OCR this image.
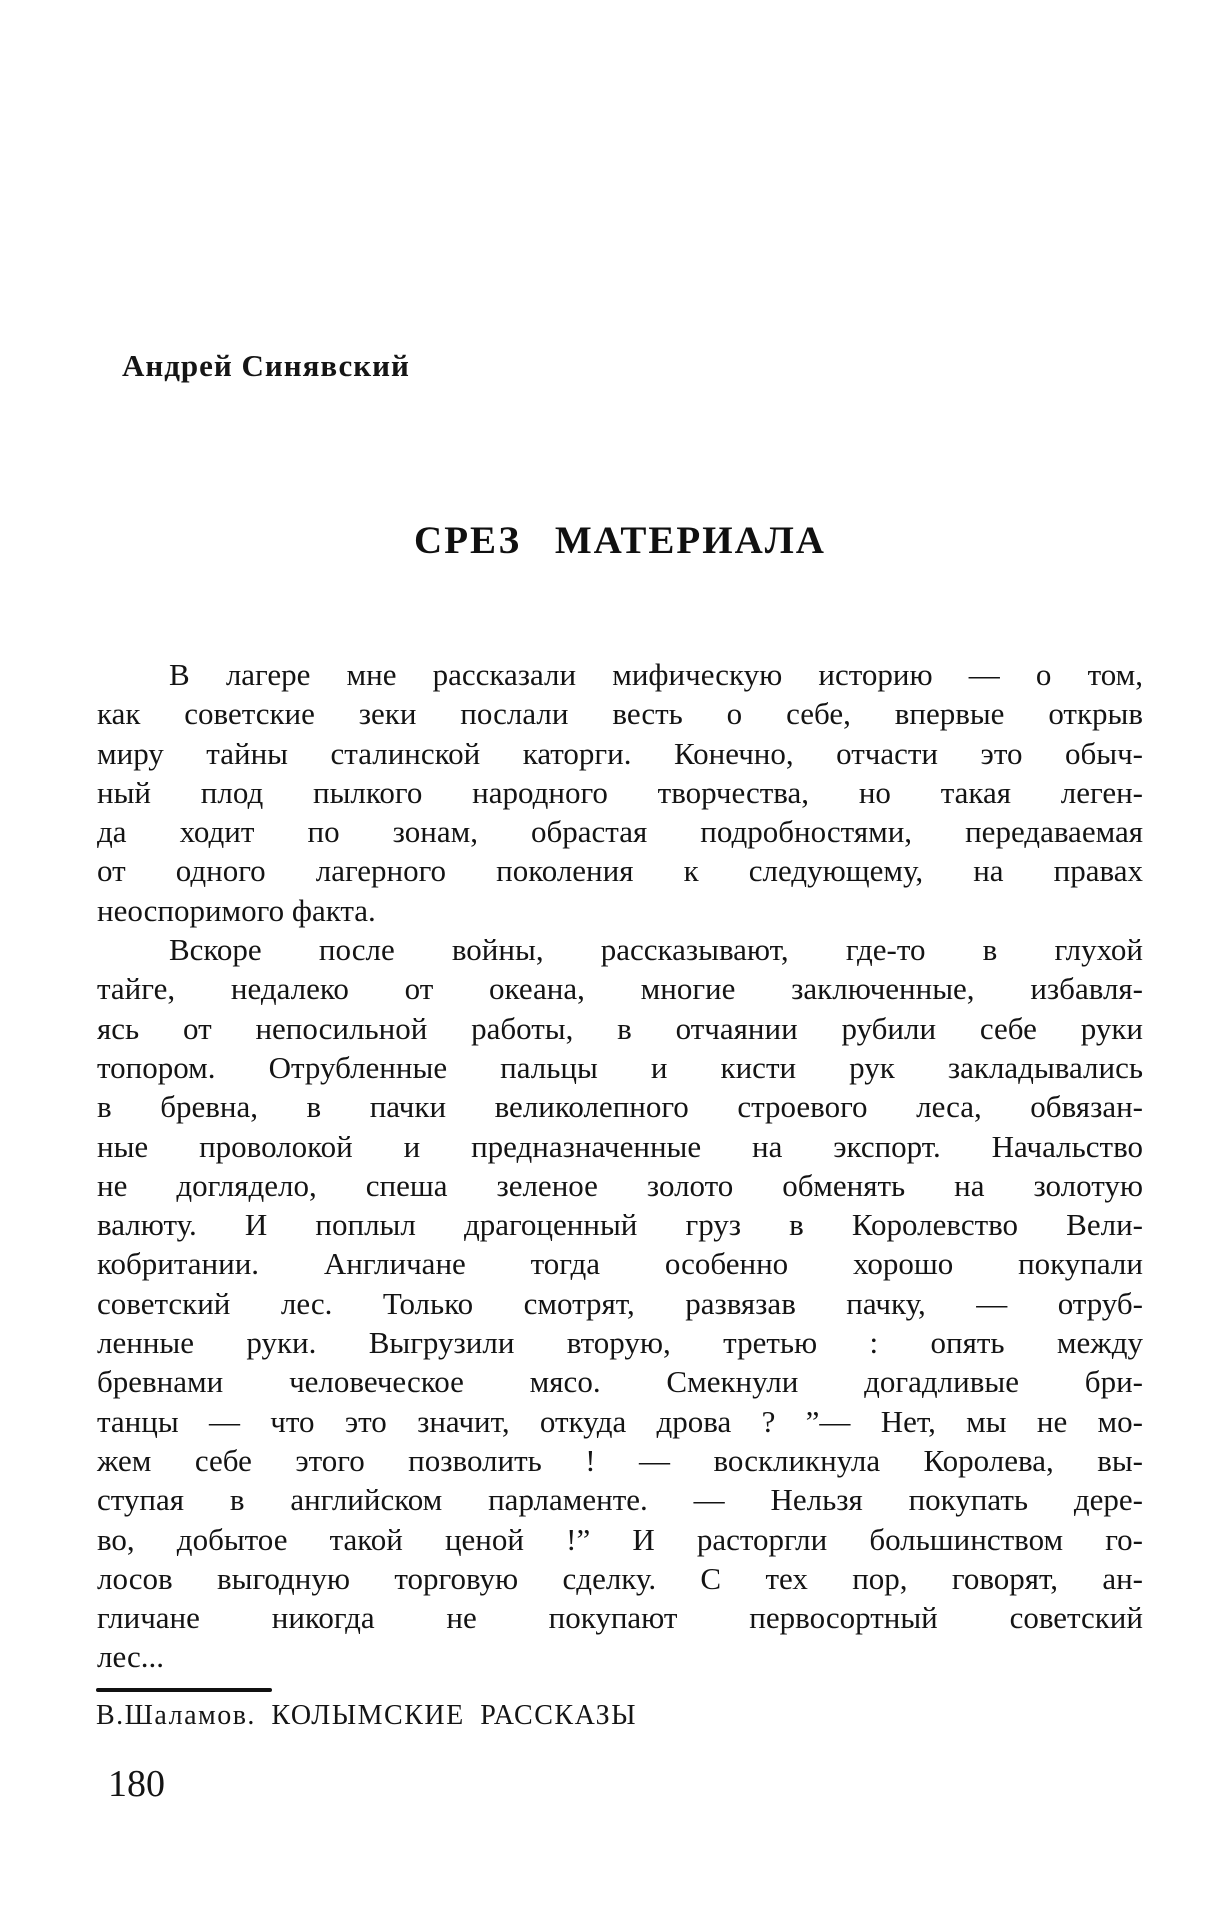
Андрей Синявский
СРЕЗ МАТЕРИАЛА
В лагере мне рассказали мифическую историю — о том,
как советские зеки послали весть о себе, впервые открыв
миру тайны сталинской каторги. Конечно, отчасти это обыч-
ный плод пылкого народного творчества, но такая леген-
да ходит по зонам, обрастая подробностями, передаваемая
от одного лагерного поколения к следующему, на правах
неоспоримого факта.
Вскоре после войны, рассказывают, где-то в глухой
тайге, недалеко от океана, многие заключенные, избавля-
ясь от непосильной работы, в отчаянии рубили себе руки
топором. Отрубленные пальцы и кисти рук закладывались
в бревна, в пачки великолепного строевого леса, обвязан-
ные проволокой и предназначенные на экспорт. Начальство
не доглядело, спеша зеленое золото обменять на золотую
валюту. И поплыл драгоценный груз в Королевство Вели-
кобритании. Англичане тогда особенно хорошо покупали
советский лес. Только смотрят, развязав пачку, — отруб-
ленные руки. Выгрузили вторую, третью : опять между
бревнами человеческое мясо. Смекнули догадливые бри-
танцы — что это значит, откуда дрова ? ”— Нет, мы не мо-
жем себе этого позволить ! — воскликнула Королева, вы-
ступая в английском парламенте. — Нельзя покупать дере-
во, добытое такой ценой !” И расторгли большинством го-
лосов выгодную торговую сделку. С тех пор, говорят, ан-
гличане никогда не покупают первосортный советский
лес...
В.Шаламов. КОЛЫМСКИЕ РАССКАЗЫ
180
